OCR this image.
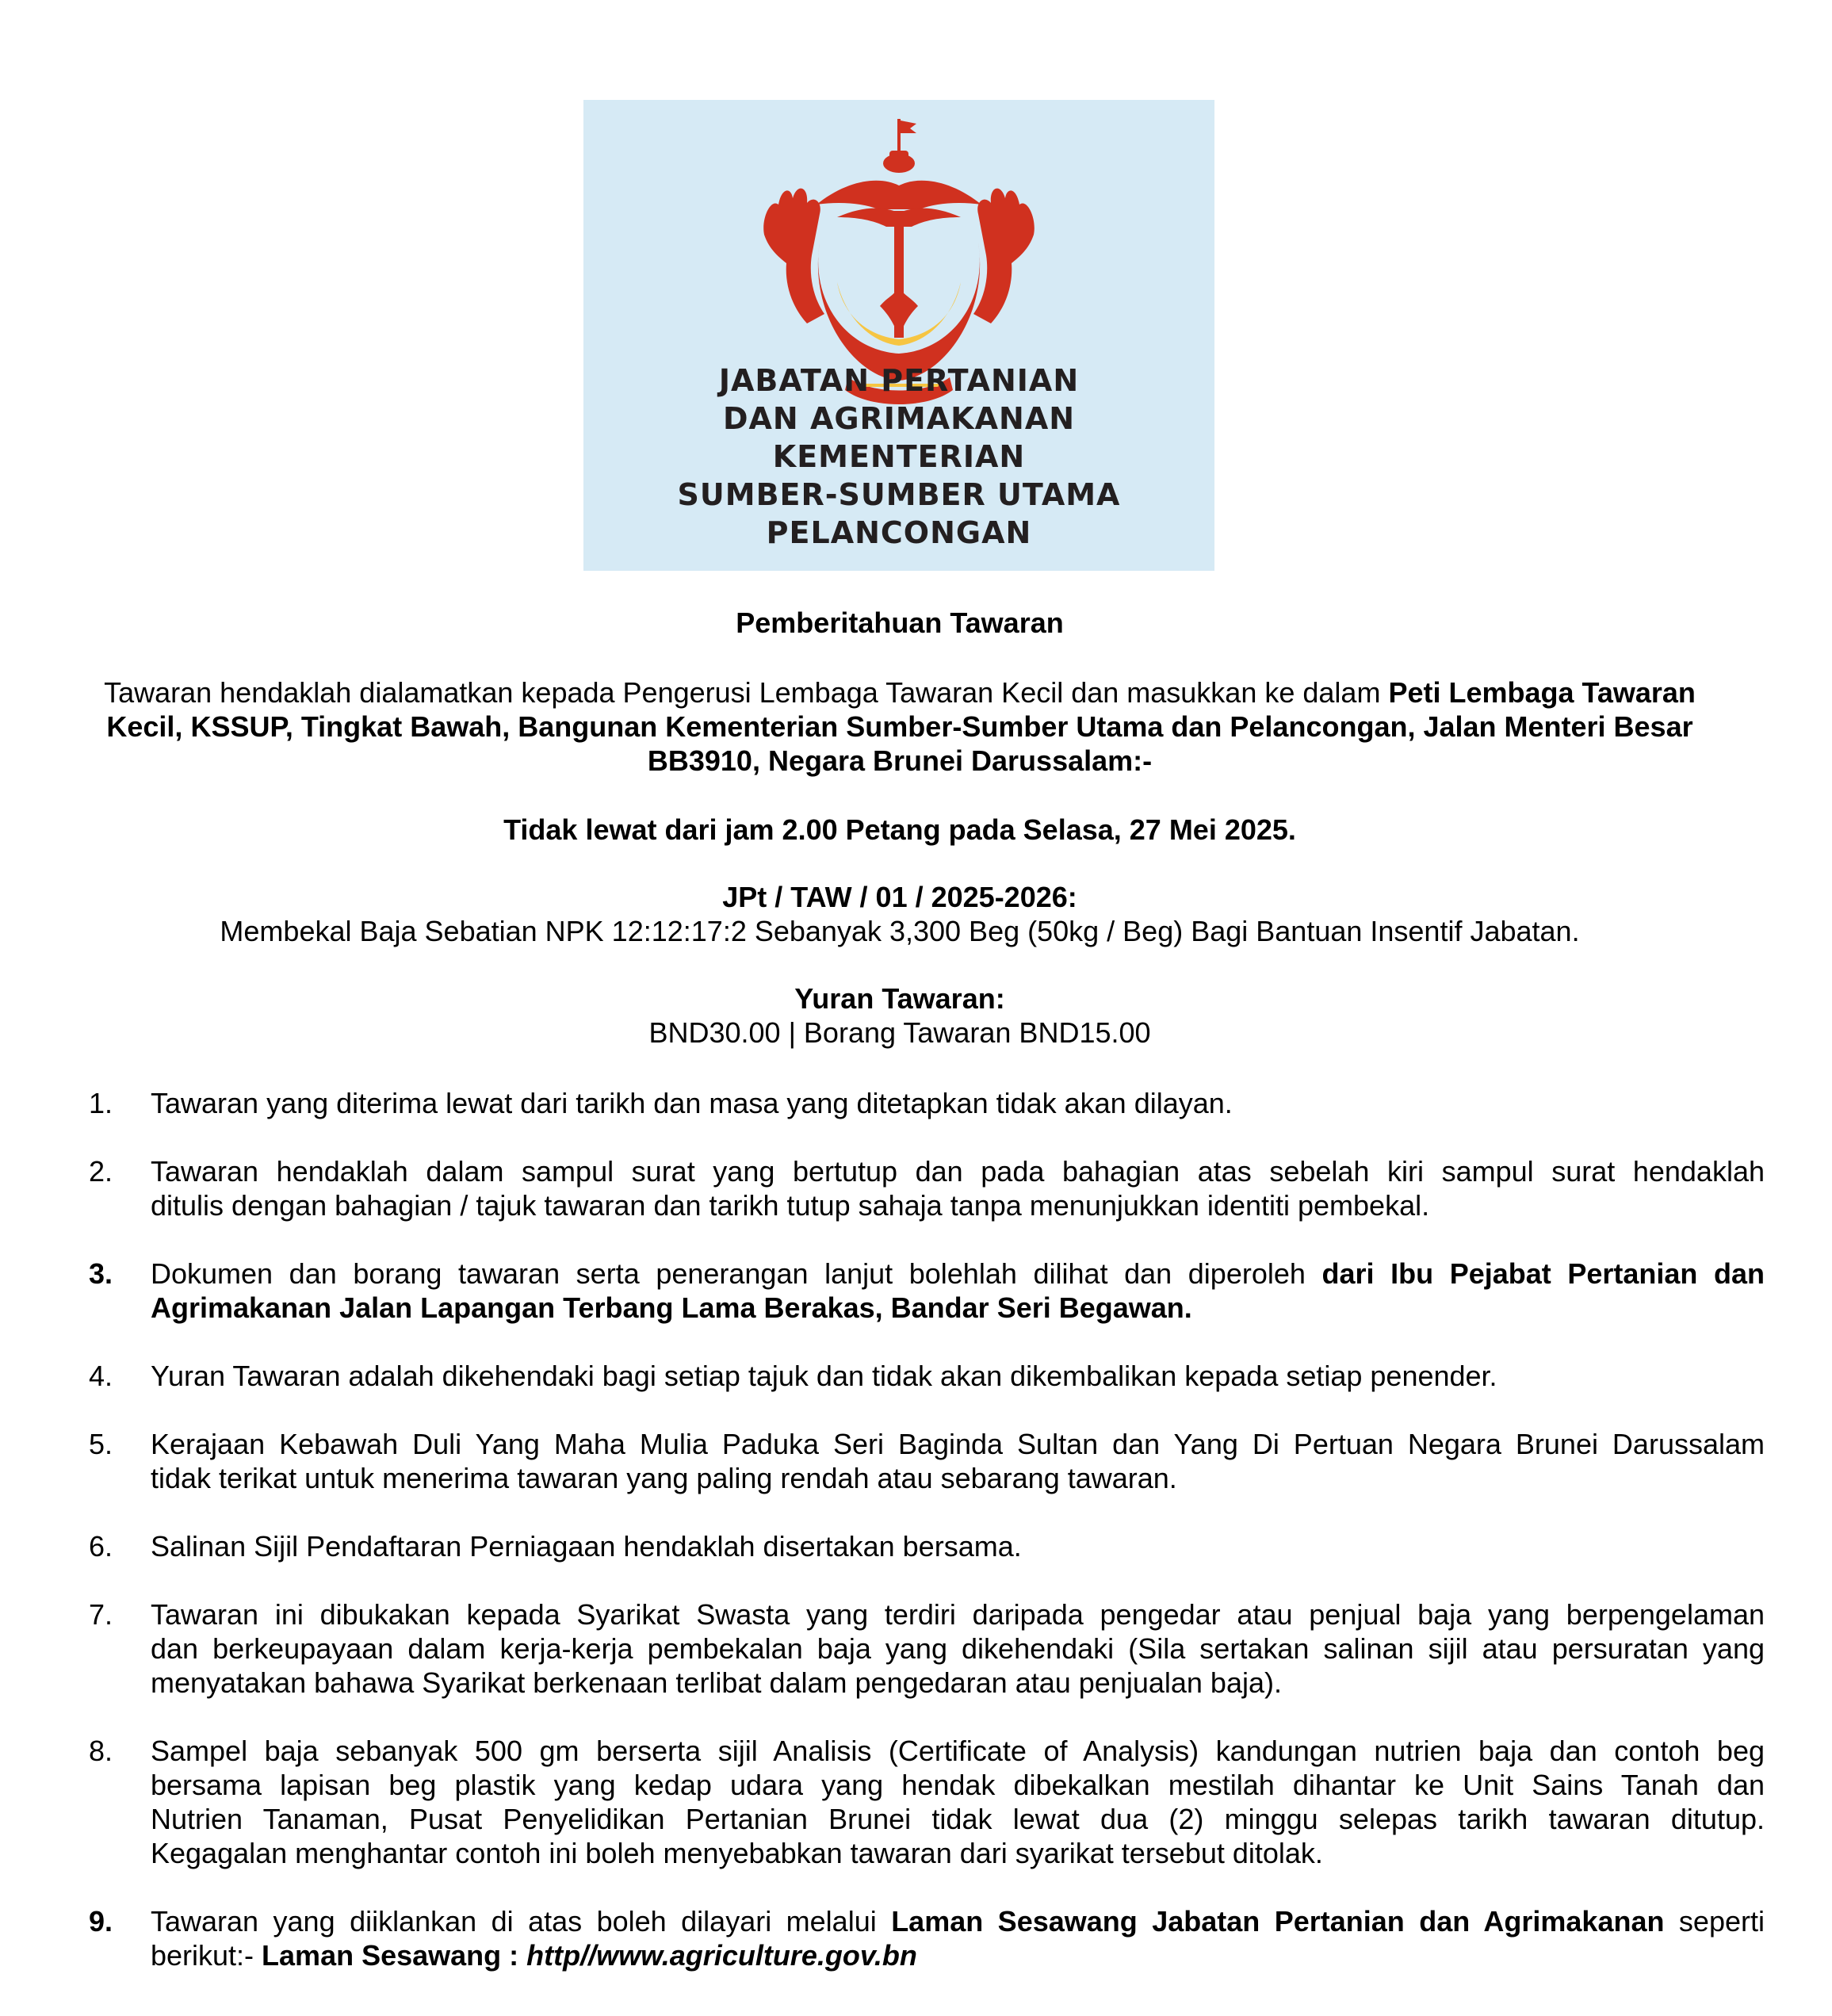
JABATAN PERTANIAN
DAN AGRIMAKANAN
KEMENTERIAN
SUMBER-SUMBER UTAMA
PELANCONGAN
Pemberitahuan Tawaran
Tawaran hendaklah dialamatkan kepada Pengerusi Lembaga Tawaran Kecil dan masukkan ke dalam Peti Lembaga Tawaran
Kecil, KSSUP, Tingkat Bawah, Bangunan Kementerian Sumber-Sumber Utama dan Pelancongan, Jalan Menteri Besar
BB3910, Negara Brunei Darussalam:-
Tidak lewat dari jam 2.00 Petang pada Selasa, 27 Mei 2025.
JPt / TAW / 01 / 2025-2026:
Membekal Baja Sebatian NPK 12:12:17:2 Sebanyak 3,300 Beg (50kg / Beg) Bagi Bantuan Insentif Jabatan.
Yuran Tawaran:
BND30.00 | Borang Tawaran BND15.00
1.	Tawaran yang diterima lewat dari tarikh dan masa yang ditetapkan tidak akan dilayan.
2.	Tawaran hendaklah dalam sampul surat yang bertutup dan pada bahagian atas sebelah kiri sampul surat hendaklah
ditulis dengan bahagian / tajuk tawaran dan tarikh tutup sahaja tanpa menunjukkan identiti pembekal.
3.	Dokumen dan borang tawaran serta penerangan lanjut bolehlah dilihat dan diperoleh dari Ibu Pejabat Pertanian dan
Agrimakanan Jalan Lapangan Terbang Lama Berakas, Bandar Seri Begawan.
4.	Yuran Tawaran adalah dikehendaki bagi setiap tajuk dan tidak akan dikembalikan kepada setiap penender.
5.	Kerajaan Kebawah Duli Yang Maha Mulia Paduka Seri Baginda Sultan dan Yang Di Pertuan Negara Brunei Darussalam
tidak terikat untuk menerima tawaran yang paling rendah atau sebarang tawaran.
6.	Salinan Sijil Pendaftaran Perniagaan hendaklah disertakan bersama.
7.	Tawaran ini dibukakan kepada Syarikat Swasta yang terdiri daripada pengedar atau penjual baja yang berpengelaman
dan berkeupayaan dalam kerja-kerja pembekalan baja yang dikehendaki (Sila sertakan salinan sijil atau persuratan yang
menyatakan bahawa Syarikat berkenaan terlibat dalam pengedaran atau penjualan baja).
8.	Sampel baja sebanyak 500 gm berserta sijil Analisis (Certificate of Analysis) kandungan nutrien baja dan contoh beg
bersama lapisan beg plastik yang kedap udara yang hendak dibekalkan mestilah dihantar ke Unit Sains Tanah dan
Nutrien Tanaman, Pusat Penyelidikan Pertanian Brunei tidak lewat dua (2) minggu selepas tarikh tawaran ditutup.
Kegagalan menghantar contoh ini boleh menyebabkan tawaran dari syarikat tersebut ditolak.
9.	Tawaran yang diiklankan di atas boleh dilayari melalui Laman Sesawang Jabatan Pertanian dan Agrimakanan seperti
berikut:- Laman Sesawang : http//www.agriculture.gov.bn
